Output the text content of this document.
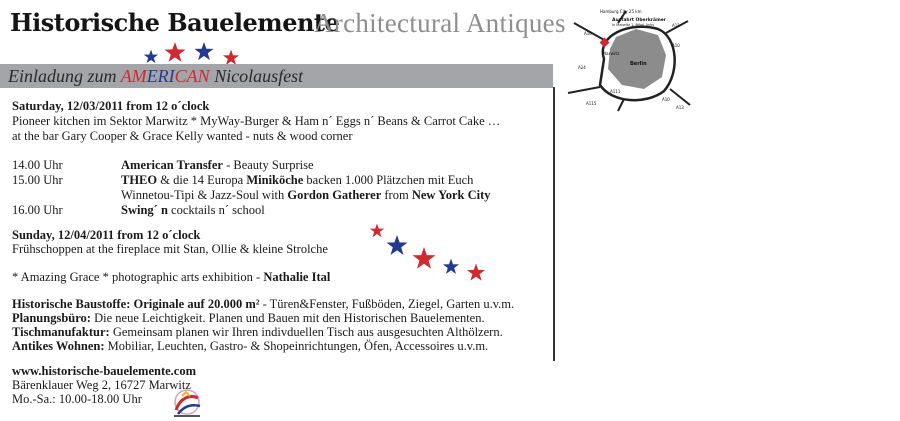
Historische Bauelemente
Architectural Antiques
Einladung zum AMERICAN Nicolausfest
Saturday, 12/03/2011 from 12 o´clock
Pioneer kitchen im Sektor Marwitz * MyWay-Burger & Ham n´ Eggs n´ Beans & Carrot Cake …
at the bar Gary Cooper & Grace Kelly wanted - nuts & wood corner
14.00 Uhr	American Transfer - Beauty Surprise
15.00 Uhr	THEO & die 14 Europa Miniköche backen 1.000 Plätzchen mit Euch
Winnetou-Tipi & Jazz-Soul with Gordon Gatherer from New York City
16.00 Uhr	Swing´ n cocktails n´ school
Sunday, 12/04/2011 from 12 o´clock
Frühschoppen at the fireplace mit Stan, Ollie & kleine Strolche
* Amazing Grace * photographic arts exhibition - Nathalie Ital
Historische Baustoffe: Originale auf 20.000 m² - Türen&Fenster, Fußböden, Ziegel, Garten u.v.m.
Planungsbüro: Die neue Leichtigkeit. Planen und Bauen mit den Historischen Bauelementen.
Tischmanufaktur: Gemeinsam planen wir Ihren indivduellen Tisch aus ausgesuchten Althölzern.
Antikes Wohnen: Mobiliar, Leuchten, Gastro- & Shopeinrichtungen, Öfen, Accessoires u.v.m.
www.historische-bauelemente.com
Bärenklauer Weg 2, 16727 Marwitz
Mo.-Sa.: 10.00-18.00 Uhr
Hamburg City 25 km
Ausfahrt Oberkrämer
in Marwitz 1. Mögl. links
Marwitz
Berlin
A10
A11
A24
A111
A115
A13
A10
A10
